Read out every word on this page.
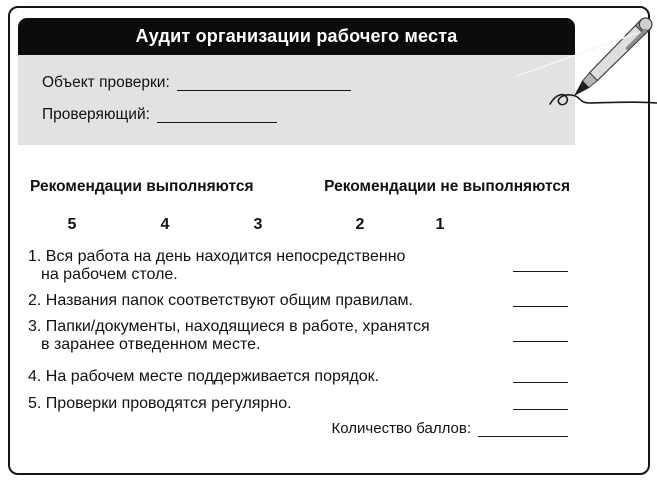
Аудит организации рабочего места
Объект проверки:
Проверяющий:
Рекомендации выполняются	Рекомендации не выполняются
5	4	3	2	1
1. Вся работа на день находится непосредственно
на рабочем столе.
2. Названия папок соответствуют общим правилам.
3. Папки/документы, находящиеся в работе, хранятся
в заранее отведенном месте.
4. На рабочем месте поддерживается порядок.
5. Проверки проводятся регулярно.
Количество баллов:
